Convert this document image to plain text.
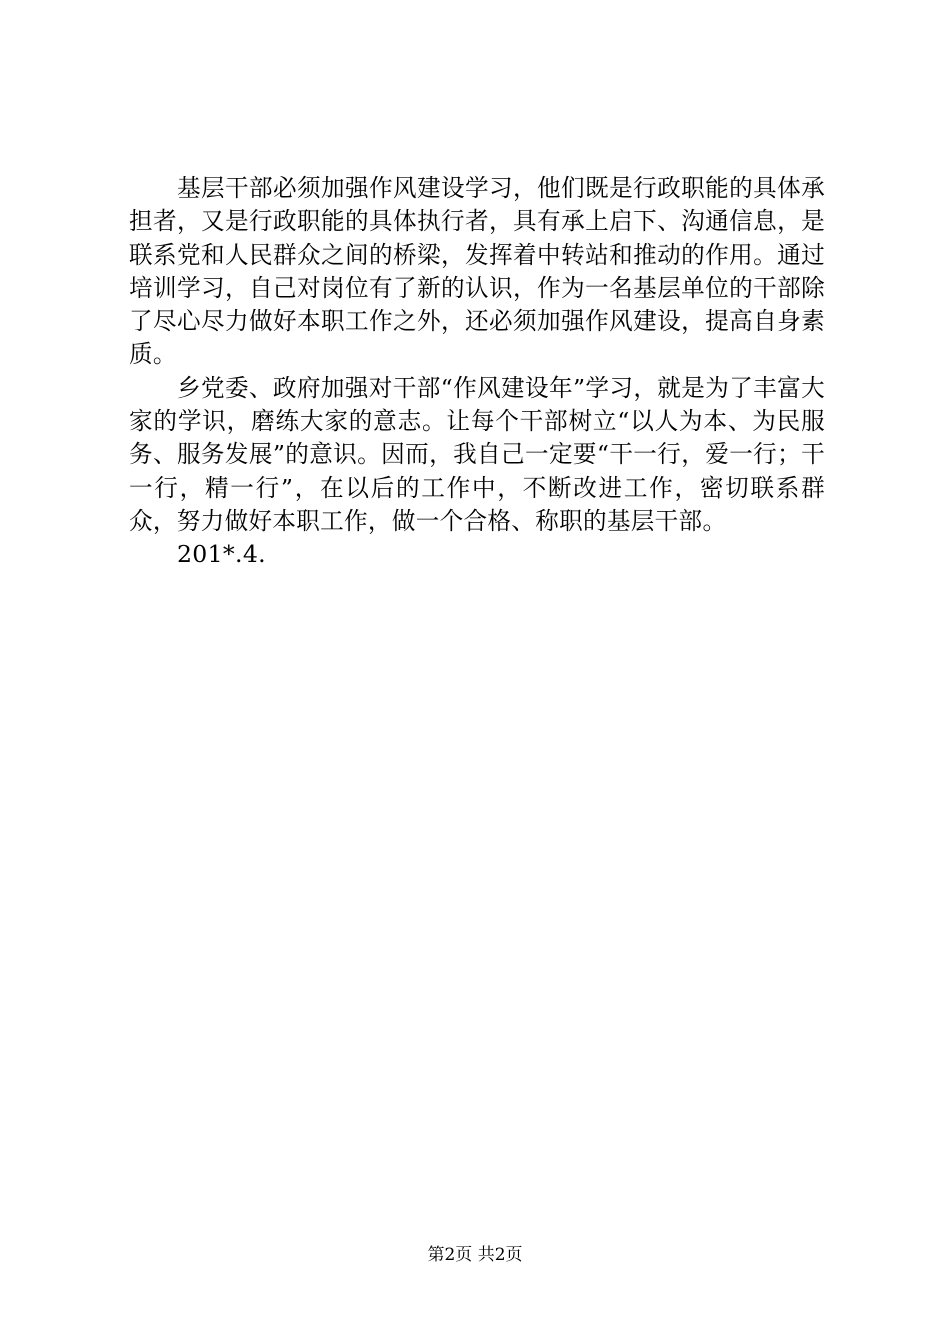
基层干部必须加强作风建设学习，他们既是行政职能的具体承担者，又是行政职能的具体执行者，具有承上启下、沟通信息，是联系党和人民群众之间的桥梁，发挥着中转站和推动的作用。通过培训学习，自己对岗位有了新的认识，作为一名基层单位的干部除了尽心尽力做好本职工作之外，还必须加强作风建设，提高自身素质。

乡党委、政府加强对干部“作风建设年”学习，就是为了丰富大家的学识，磨练大家的意志。让每个干部树立“以人为本、为民服务、服务发展”的意识。因而，我自己一定要“干一行，爱一行；干一行，精一行”，在以后的工作中，不断改进工作，密切联系群众，努力做好本职工作，做一个合格、称职的基层干部。

201*.4.

第2页 共2页
